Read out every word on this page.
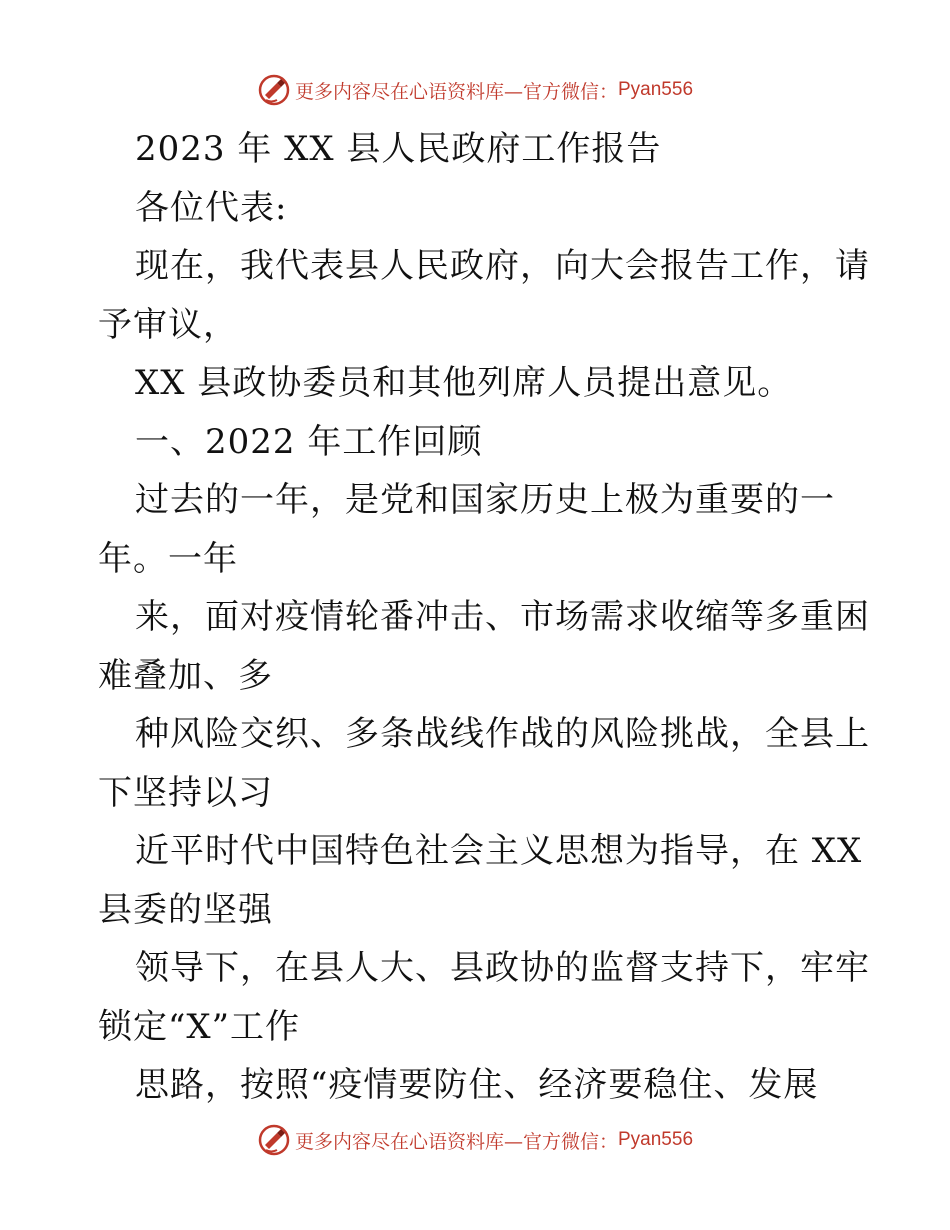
更多内容尽在心语资料库—官方微信： Pyan556
2023 年 XX 县人民政府工作报告
各位代表:
现在，我代表县人民政府，向大会报告工作，请
予审议，
XX 县政协委员和其他列席人员提出意见。
一、2022 年工作回顾
过去的一年，是党和国家历史上极为重要的一
年。一年
来，面对疫情轮番冲击、市场需求收缩等多重困
难叠加、多
种风险交织、多条战线作战的风险挑战，全县上
下坚持以习
近平时代中国特色社会主义思想为指导，在 XX
县委的坚强
领导下，在县人大、县政协的监督支持下，牢牢
锁定“X”工作
思路，按照“疫情要防住、经济要稳住、发展
更多内容尽在心语资料库—官方微信： Pyan556
